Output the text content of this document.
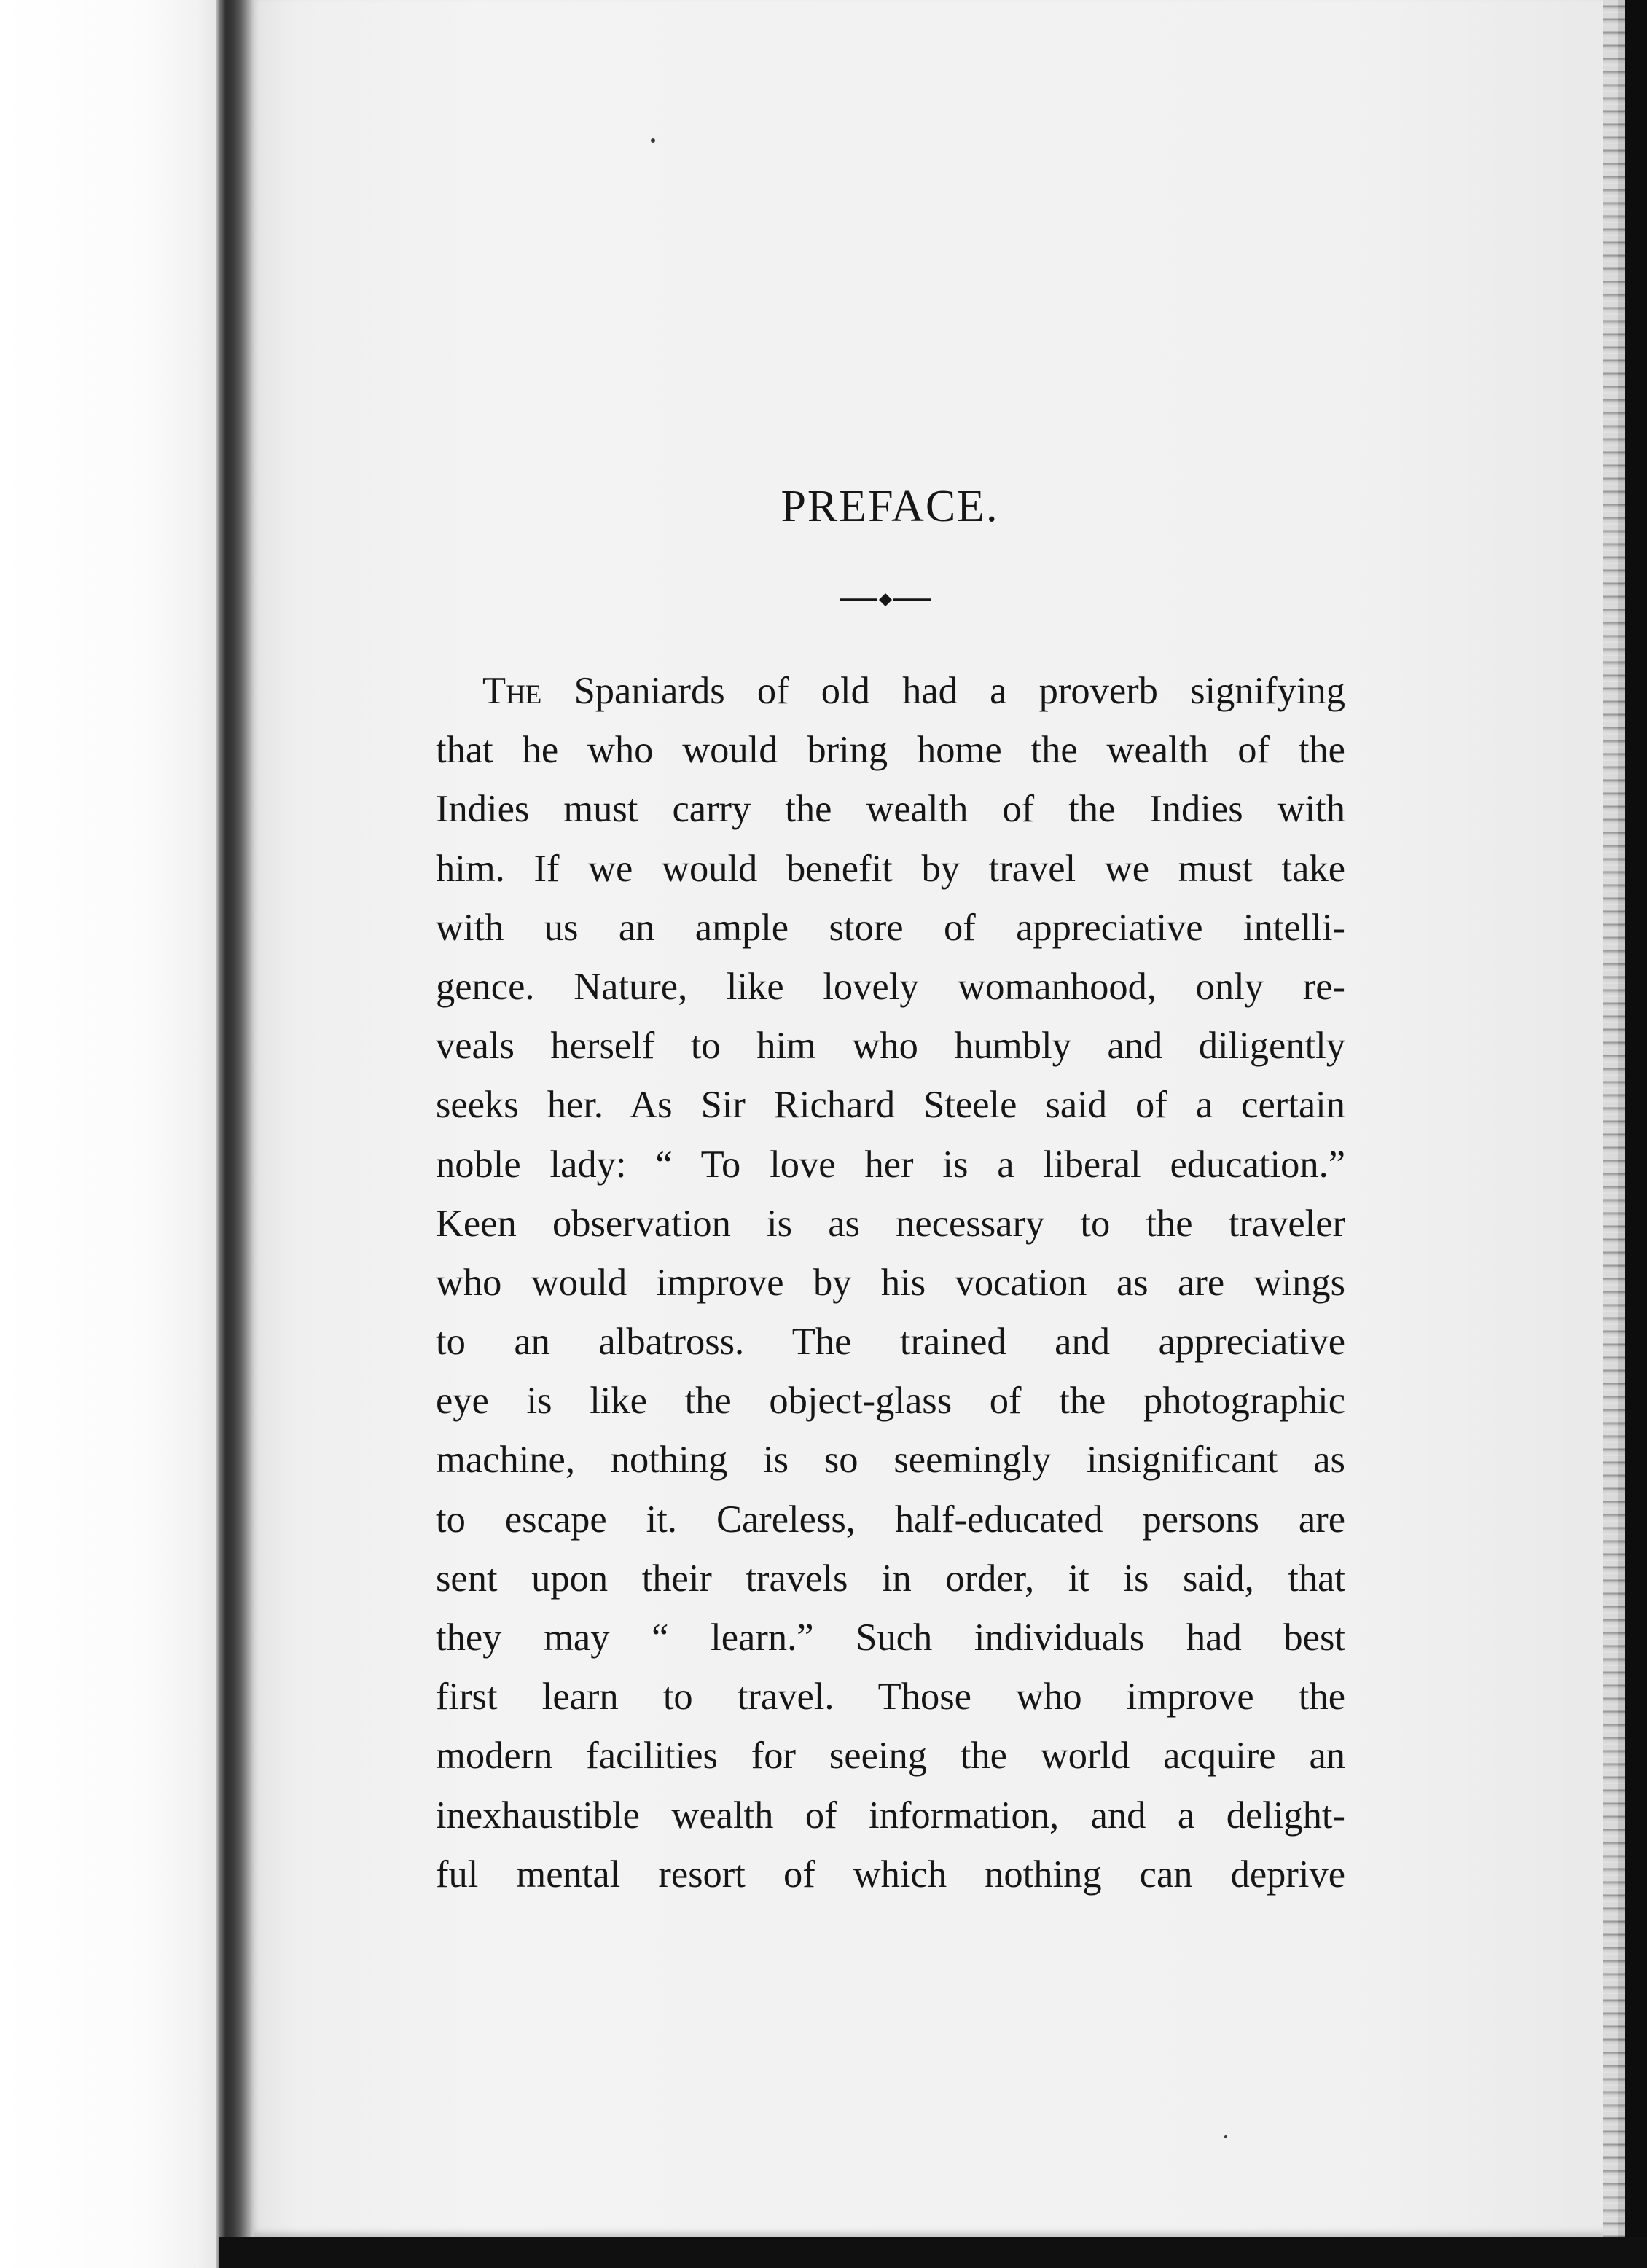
PREFACE.
The Spaniards of old had a proverb signifying
that he who would bring home the wealth of the
Indies must carry the wealth of the Indies with
him. If we would benefit by travel we must take
with us an ample store of appreciative intelli-
gence. Nature, like lovely womanhood, only re-
veals herself to him who humbly and diligently
seeks her. As Sir Richard Steele said of a certain
noble lady: “ To love her is a liberal education.”
Keen observation is as necessary to the traveler
who would improve by his vocation as are wings
to an albatross. The trained and appreciative
eye is like the object-glass of the photographic
machine, nothing is so seemingly insignificant as
to escape it. Careless, half-educated persons are
sent upon their travels in order, it is said, that
they may “ learn.” Such individuals had best
first learn to travel. Those who improve the
modern facilities for seeing the world acquire an
inexhaustible wealth of information, and a delight-
ful mental resort of which nothing can deprive
